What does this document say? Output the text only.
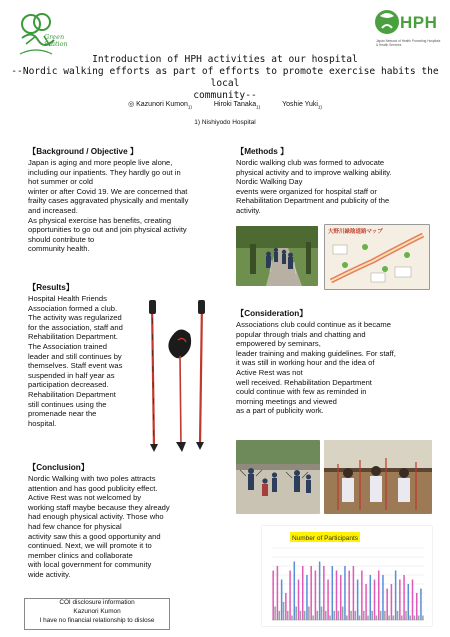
Green Station
HPH
Japan Network of Health Promoting Hospitals & Health Services
Introduction of HPH activities at our hospital
--Nordic walking efforts as part of efforts to promote exercise habits the local
community--
◎ Kazunori Kumon$_{1)}$	Hiroki Tanaka$_{1)}$	Yoshie Yuki$_{1)}$
1) Nishiyodo Hospital
【Background / Objective 】

Japan is aging and more people live alone,

including our inpatients. They hardly go out in

hot summer or cold

winter or after Covid 19. We are concerned that

frailty cases aggravated physically and mentally

and increased.

As physical exercise has benefits, creating

opportunities to go out and join physical activity

should contribute to

community health.

【Results】

Hospital Health Friends

Association formed a club.

The activity was regularized

for the association, staff and

Rehabilitation Department.

The Association trained

leader and still continues by

themselves. Staff event was

suspended in half year as

participation decreased.

Rehabilitation Department

still continues using the

promenade near the

hospital.

【Conclusion】

Nordic Walking with two poles attracts

attention and has good publicity effect.

Active Rest was not welcomed by

working staff maybe because they already

had enough physical activity. Those who

had few chance for physical

activity saw this a good opportunity and

continued. Next, we will promote it to

member clinics and collaborate

with local government for community

wide activity.

COI disclosure information
Kazunori Kumon
I have no financial relationship to dislose
【Methods 】

Nordic walking club was formed to advocate

physical activity and to improve walking ability.

Nordic Walking Day

events were organized for hospital staff or

Rehabilitation Department and publicity of the

activity.

大野川緑陰道路マップ
【Consideration】

Associations club could continue as it became

popular through trials and chatting and

empowered by seminars,

leader training and making guidelines. For staff,

it was still in working hour and the idea of

Active Rest was not

well received. Rehabilitation Department

could continue with few as reminded in

morning meetings and viewed

as a part of publicity work.

Number of Participants
